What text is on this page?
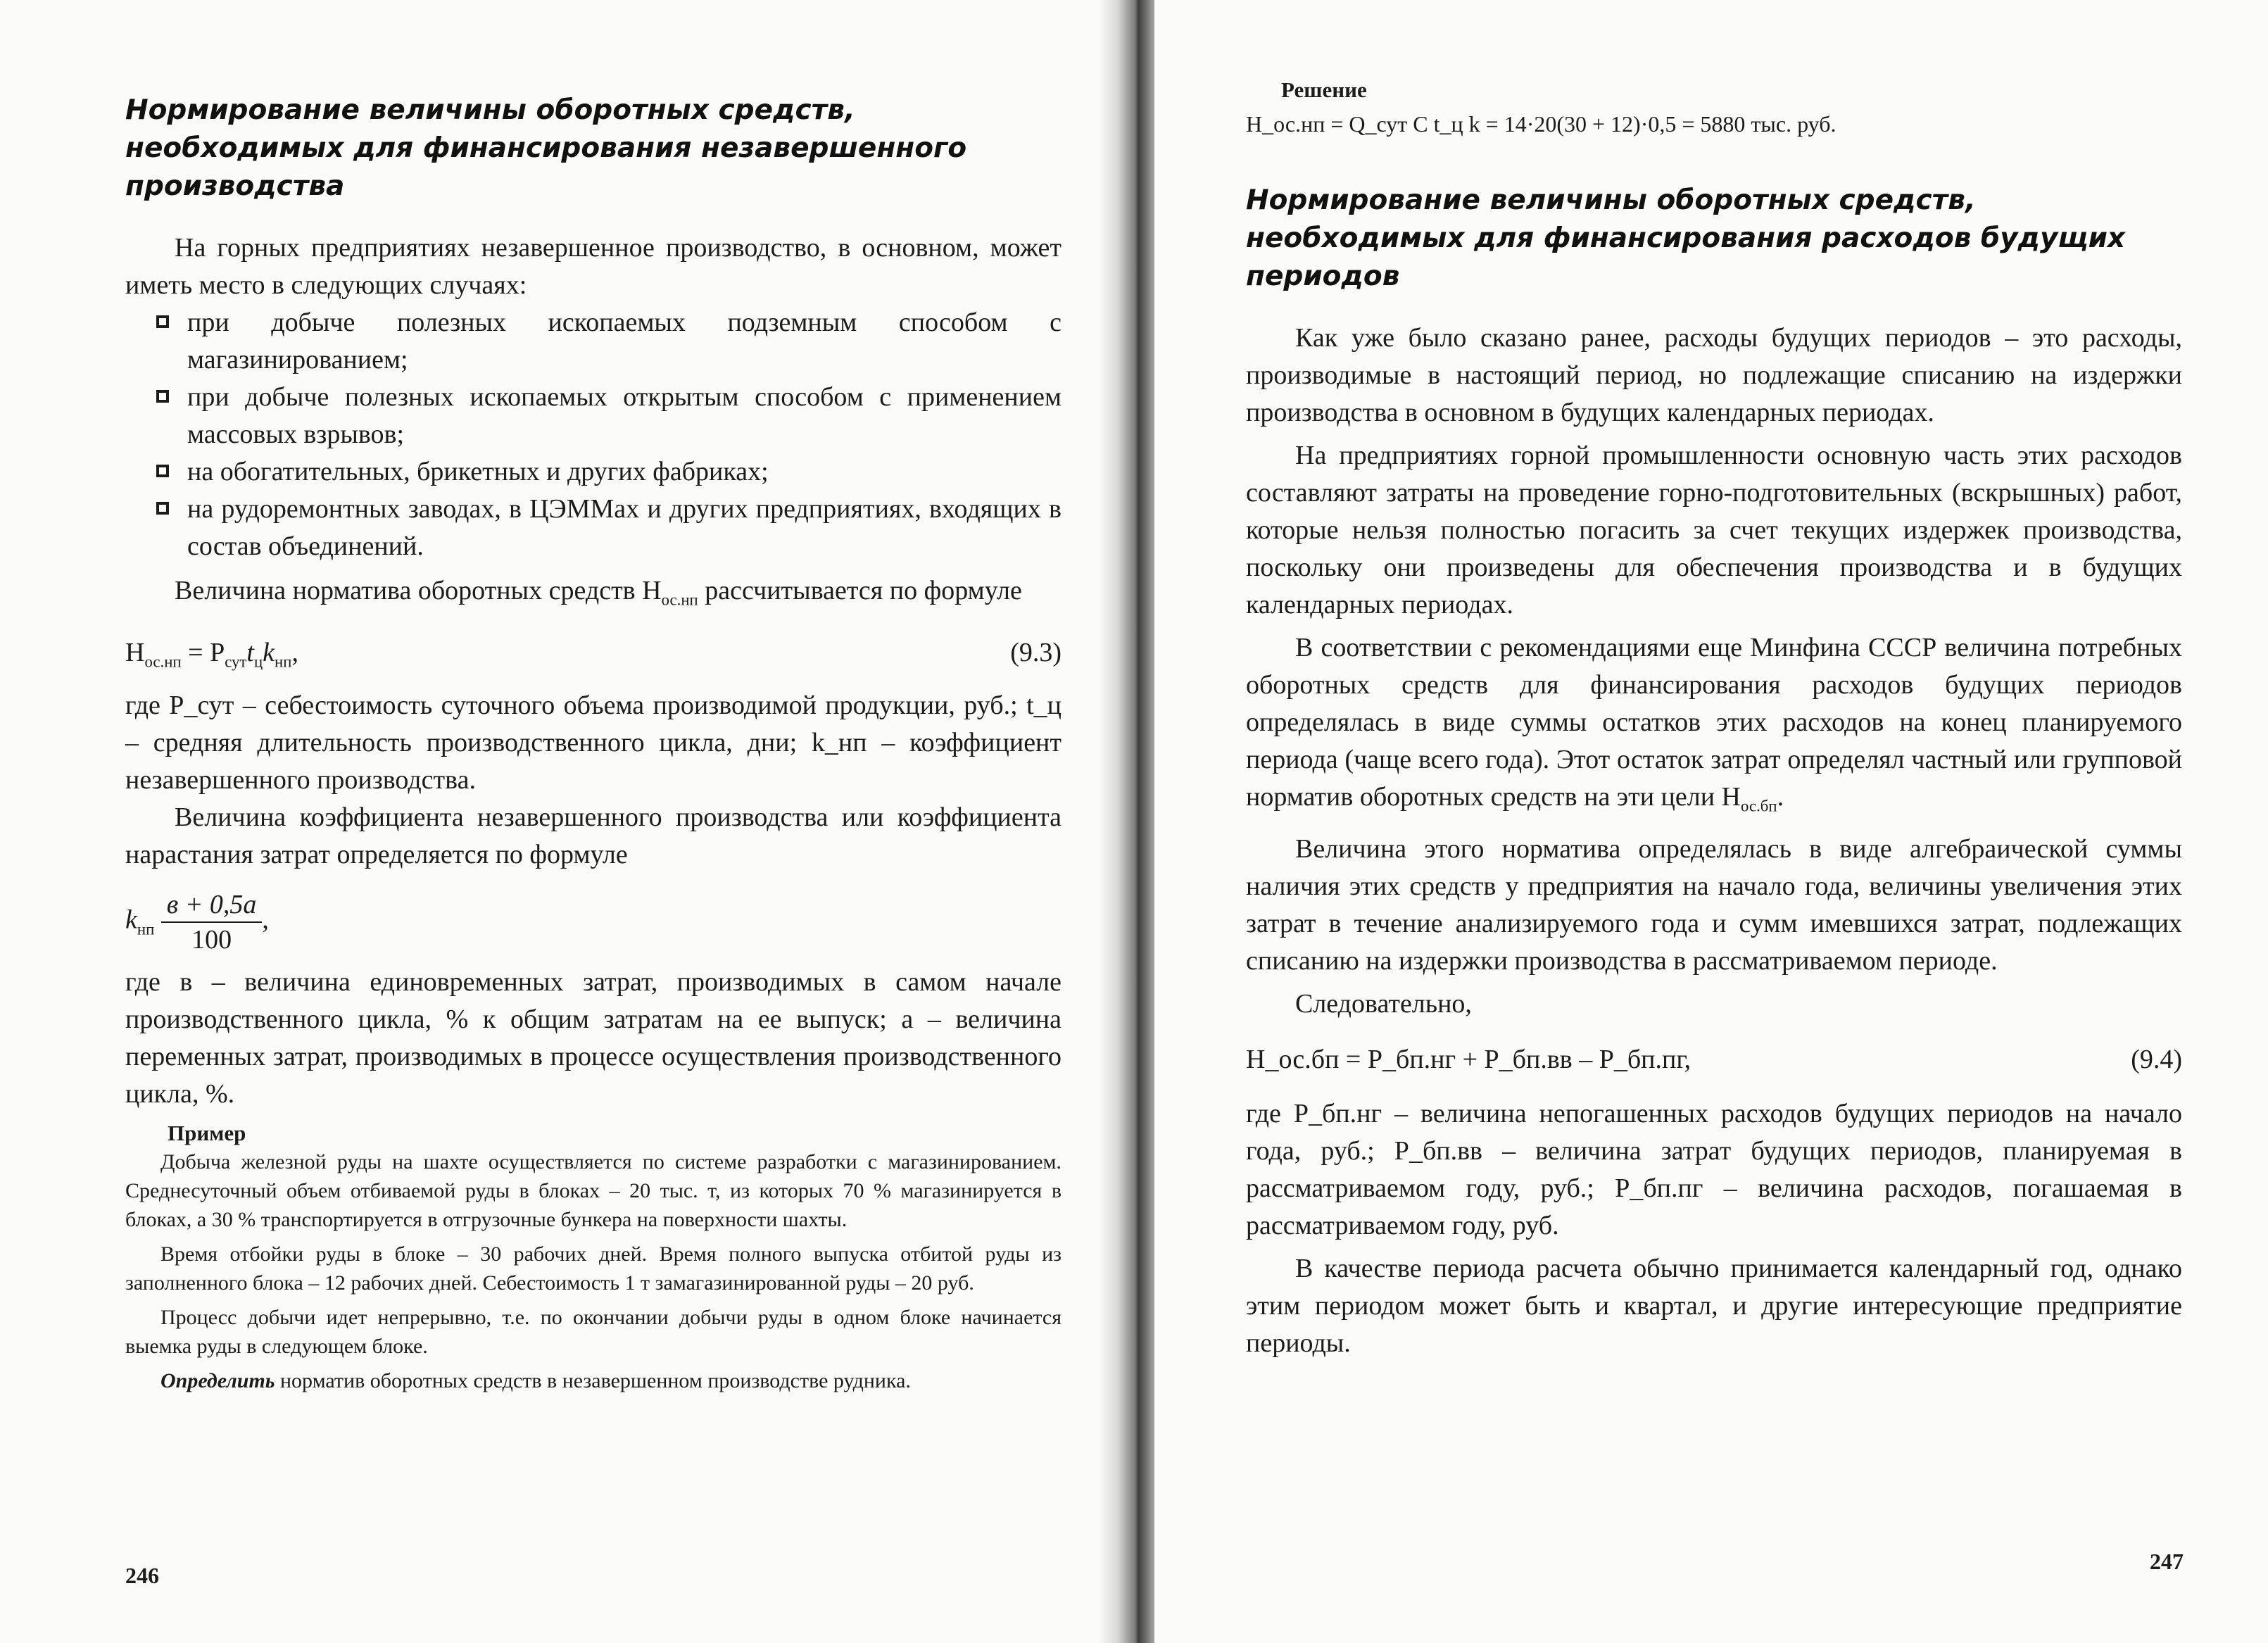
Нормирование величины оборотных средств, необходимых для финансирования незавершенного производства

На горных предприятиях незавершенное производство, в основном, может иметь место в следующих случаях:

при добыче полезных ископаемых подземным способом с магазинированием;
при добыче полезных ископаемых открытым способом с применением массовых взрывов;
на обогатительных, брикетных и других фабриках;
на рудоремонтных заводах, в ЦЭММах и других предприятиях, входящих в состав объединений.

Величина норматива оборотных средств $Н_{ос.нп}$ рассчитывается по формуле

$Н_{ос.нп} = Р_{сут}t_цk_{нп}$,	(9.3)

где Р_сут – себестоимость суточного объема производимой продукции, руб.; t_ц – средняя длительность производственного цикла, дни; k_нп – коэффициент незавершенного производства.

Величина коэффициента незавершенного производства или коэффициента нарастания затрат определяется по формуле

$k_{нп} \frac{в + 0,5а}{100}$ ,

где в – величина единовременных затрат, производимых в самом начале производственного цикла, % к общим затратам на ее выпуск; а – величина переменных затрат, производимых в процессе осуществления производственного цикла, %.

Пример

Добыча железной руды на шахте осуществляется по системе разработки с магазинированием. Среднесуточный объем отбиваемой руды в блоках – 20 тыс. т, из которых 70 % магазинируется в блоках, а 30 % транспортируется в отгрузочные бункера на поверхности шахты.

Время отбойки руды в блоке – 30 рабочих дней. Время полного выпуска отбитой руды из заполненного блока – 12 рабочих дней. Себестоимость 1 т замагазинированной руды – 20 руб.

Процесс добычи идет непрерывно, т.е. по окончании добычи руды в одном блоке начинается выемка руды в следующем блоке.

Определить норматив оборотных средств в незавершенном производстве рудника.

246
Решение
Н_ос.нп = Q_сут C t_ц k = 14·20(30 + 12)·0,5 = 5880 тыс. руб.
Нормирование величины оборотных средств, необходимых для финансирования расходов будущих периодов

Как уже было сказано ранее, расходы будущих периодов – это расходы, производимые в настоящий период, но подлежащие списанию на издержки производства в основном в будущих календарных периодах.

На предприятиях горной промышленности основную часть этих расходов составляют затраты на проведение горно-подготовительных (вскрышных) работ, которые нельзя полностью погасить за счет текущих издержек производства, поскольку они произведены для обеспечения производства и в будущих календарных периодах.

В соответствии с рекомендациями еще Минфина СССР величина потребных оборотных средств для финансирования расходов будущих периодов определялась в виде суммы остатков этих расходов на конец планируемого периода (чаще всего года). Этот остаток затрат определял частный или групповой норматив оборотных средств на эти цели $Н_{ос.бп}$.

Величина этого норматива определялась в виде алгебраической суммы наличия этих средств у предприятия на начало года, величины увеличения этих затрат в течение анализируемого года и сумм имевшихся затрат, подлежащих списанию на издержки производства в рассматриваемом периоде.

Следовательно,

Н_ос.бп = Р_бп.нг + Р_бп.вв – Р_бп.пг,	(9.4)

где Р_бп.нг – величина непогашенных расходов будущих периодов на начало года, руб.; Р_бп.вв – величина затрат будущих периодов, планируемая в рассматриваемом году, руб.; Р_бп.пг – величина расходов, погашаемая в рассматриваемом году, руб.

В качестве периода расчета обычно принимается календарный год, однако этим периодом может быть и квартал, и другие интересующие предприятие периоды.

247
